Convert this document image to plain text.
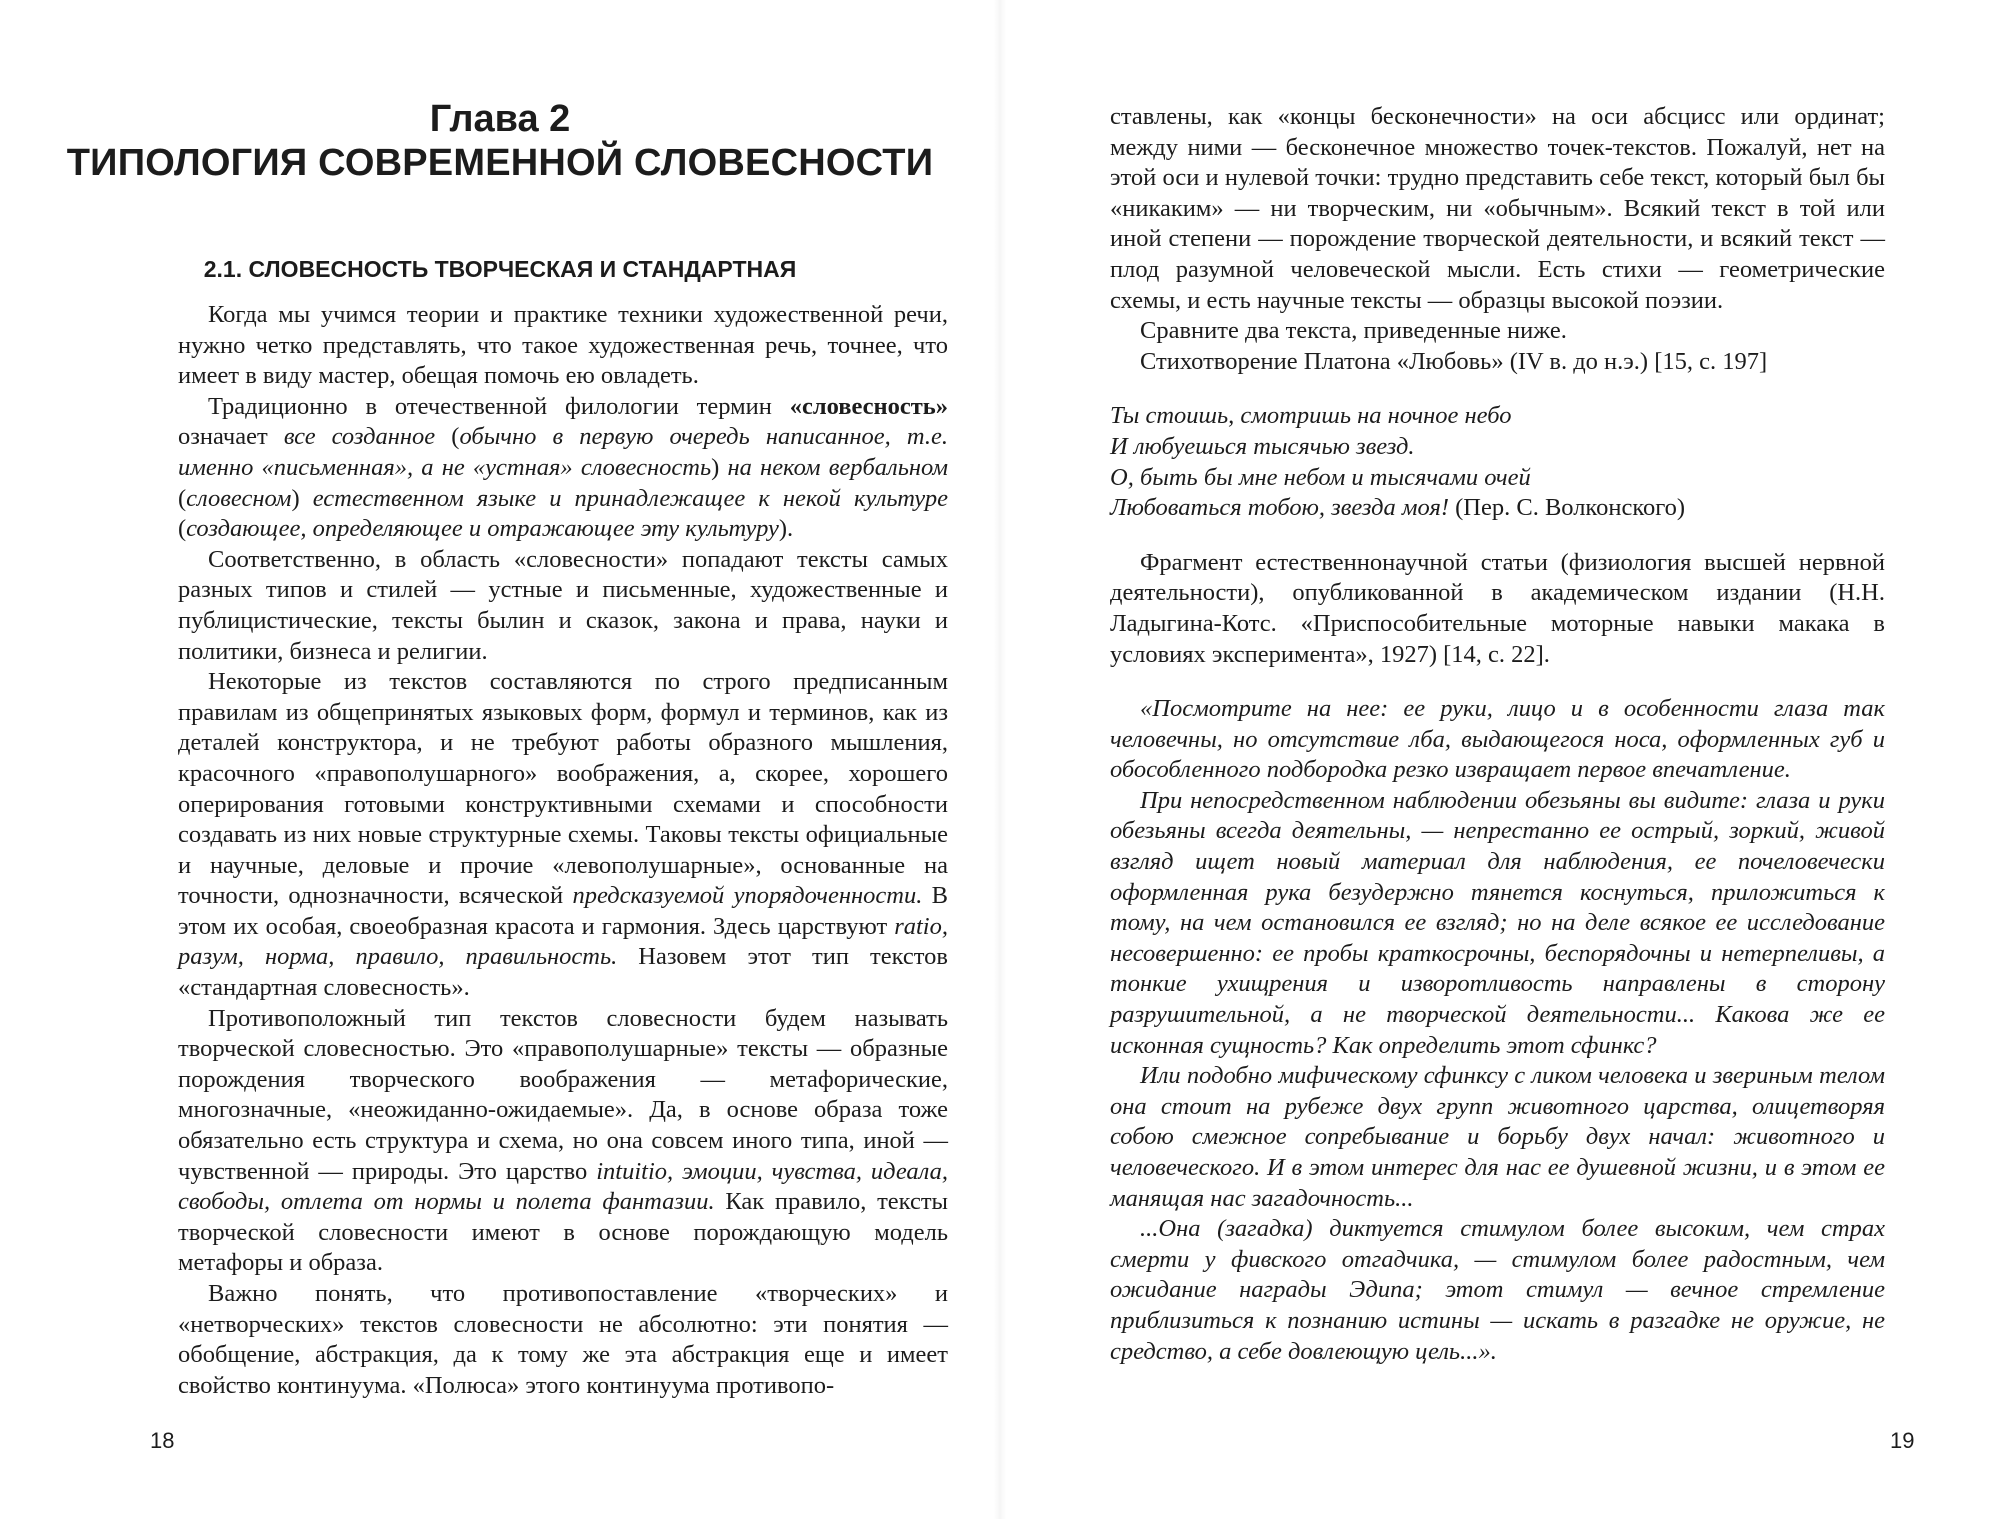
Глава 2
ТИПОЛОГИЯ СОВРЕМЕННОЙ СЛОВЕСНОСТИ
2.1. СЛОВЕСНОСТЬ ТВОРЧЕСКАЯ И СТАНДАРТНАЯ

Когда мы учимся теории и практике техники художественной речи, нужно четко представлять, что такое художественная речь, точнее, что имеет в виду мастер, обещая помочь ею овладеть.

Традиционно в отечественной филологии термин «словесность» означает все созданное (обычно в первую очередь написанное, т.е. именно «письменная», а не «устная» словесность) на неком вербальном (словесном) естественном языке и принадлежащее к некой культуре (создающее, определяющее и отражающее эту культуру).

Соответственно, в область «словесности» попадают тексты самых разных типов и стилей — устные и письменные, художественные и публицистические, тексты былин и сказок, закона и права, науки и политики, бизнеса и религии.

Некоторые из текстов составляются по строго предписанным правилам из общепринятых языковых форм, формул и терминов, как из деталей конструктора, и не требуют работы образного мышления, красочного «правополушарного» воображения, а, скорее, хорошего оперирования готовыми конструктивными схемами и способности создавать из них новые структурные схемы. Таковы тексты официальные и научные, деловые и прочие «левополушарные», основанные на точности, однозначности, всяческой предсказуемой упорядоченности. В этом их особая, своеобразная красота и гармония. Здесь царствуют ratio, разум, норма, правило, правильность. Назовем этот тип текстов «стандартная словесность».

Противоположный тип текстов словесности будем называть творческой словесностью. Это «правополушарные» тексты — образные порождения творческого воображения — метафорические, многозначные, «неожиданно-ожидаемые». Да, в основе образа тоже обязательно есть структура и схема, но она совсем иного типа, иной — чувственной — природы. Это царство intuitio, эмоции, чувства, идеала, свободы, отлета от нормы и полета фантазии. Как правило, тексты творческой словесности имеют в основе порождающую модель метафоры и образа.

Важно понять, что противопоставление «творческих» и «нетворческих» текстов словесности не абсолютно: эти понятия — обобщение, абстракция, да к тому же эта абстракция еще и имеет свойство континуума. «Полюса» этого континуума противопо-

18	19

ставлены, как «концы бесконечности» на оси абсцисс или ординат; между ними — бесконечное множество точек-текстов. Пожалуй, нет на этой оси и нулевой точки: трудно представить себе текст, который был бы «никаким» — ни творческим, ни «обычным». Всякий текст в той или иной степени — порождение творческой деятельности, и всякий текст — плод разумной человеческой мысли. Есть стихи — геометрические схемы, и есть научные тексты — образцы высокой поэзии.

Сравните два текста, приведенные ниже.

Стихотворение Платона «Любовь» (IV в. до н.э.) [15, с. 197]

Ты стоишь, смотришь на ночное небо

И любуешься тысячью звезд.

О, быть бы мне небом и тысячами очей

Любоваться тобою, звезда моя! (Пер. С. Волконского)

Фрагмент естественнонаучной статьи (физиология высшей нервной деятельности), опубликованной в академическом издании (Н.Н. Ладыгина-Котс. «Приспособительные моторные навыки макака в условиях эксперимента», 1927) [14, с. 22].

«Посмотрите на нее: ее руки, лицо и в особенности глаза так человечны, но отсутствие лба, выдающегося носа, оформленных губ и обособленного подбородка резко извращает первое впечатление.

При непосредственном наблюдении обезьяны вы видите: глаза и руки обезьяны всегда деятельны, — непрестанно ее острый, зоркий, живой взгляд ищет новый материал для наблюдения, ее почеловечески оформленная рука безудержно тянется коснуться, приложиться к тому, на чем остановился ее взгляд; но на деле всякое ее исследование несовершенно: ее пробы краткосрочны, беспорядочны и нетерпеливы, а тонкие ухищрения и изворотливость направлены в сторону разрушительной, а не творческой деятельности... Какова же ее исконная сущность? Как определить этот сфинкс?

Или подобно мифическому сфинксу с ликом человека и звериным телом она стоит на рубеже двух групп животного царства, олицетворяя собою смежное сопребывание и борьбу двух начал: животного и человеческого. И в этом интерес для нас ее душевной жизни, и в этом ее манящая нас загадочность...

...Она (загадка) диктуется стимулом более высоким, чем страх смерти у фивского отгадчика, — стимулом более радостным, чем ожидание награды Эдипа; этот стимул — вечное стремление приблизиться к познанию истины — искать в разгадке не оружие, не средство, а себе довлеющую цель...».
